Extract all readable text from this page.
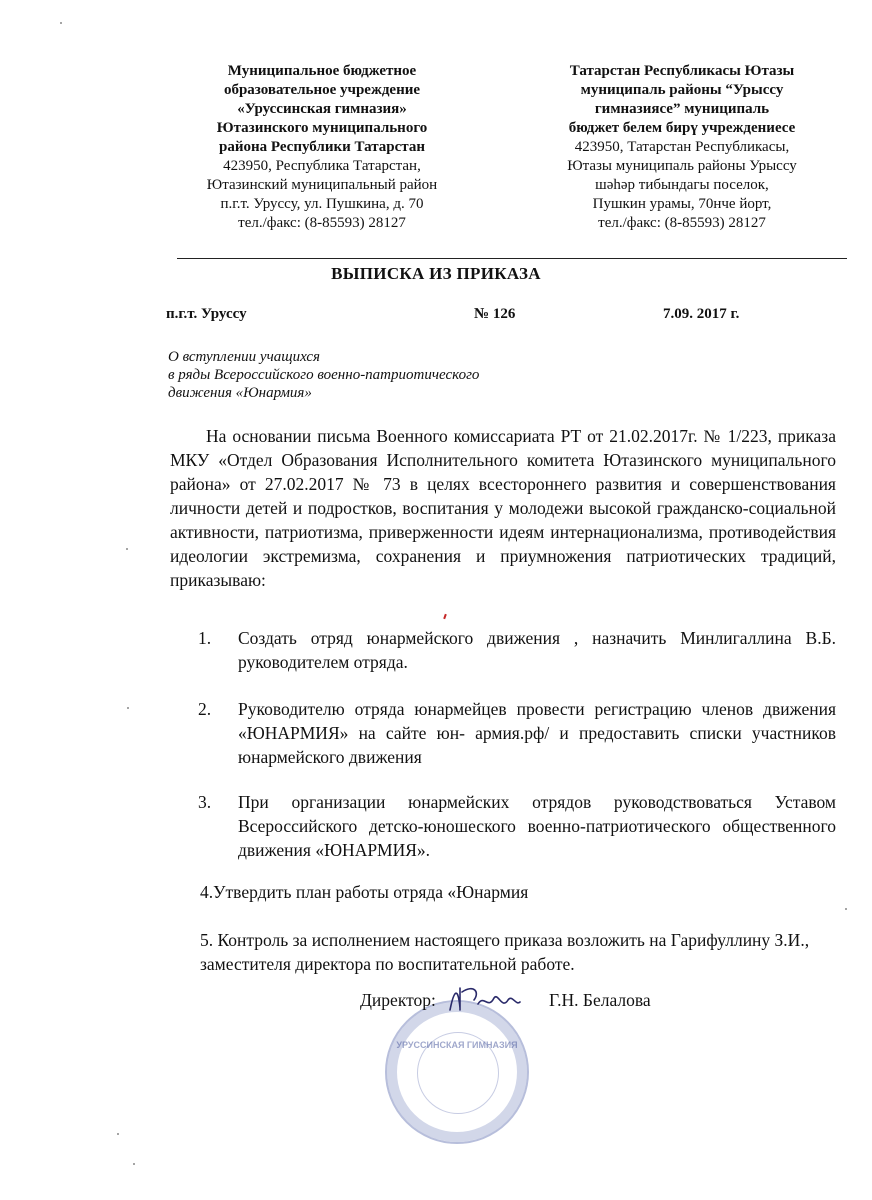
Муниципальное бюджетное
образовательное учреждение
«Уруссинская гимназия»
Ютазинского муниципального
района Республики Татарстан
423950, Республика Татарстан,
Ютазинский муниципальный район
п.г.т. Уруссу, ул. Пушкина, д. 70
тел./факс: (8-85593) 28127
Татарстан Республикасы Ютазы
муниципаль районы “Урыссу
гимназиясе” муниципаль
бюджет белем бирү учреждениесе
423950, Татарстан Республикасы,
Ютазы муниципаль районы Урыссу
шәһәр тибындагы поселок,
Пушкин урамы, 70нче йорт,
тел./факс: (8-85593) 28127
ВЫПИСКА ИЗ ПРИКАЗА
п.г.т. Уруссу	№ 126	7.09. 2017 г.
О вступлении учащихся
в ряды Всероссийского военно-патриотического
движения «Юнармия»
На основании письма Военного комиссариата РТ от 21.02.2017г. № 1/223, приказа МКУ «Отдел Образования Исполнительного комитета Ютазинского муниципального района» от 27.02.2017 № 73 в целях всестороннего развития и совершенствования личности детей и подростков, воспитания у молодежи высокой гражданско-социальной активности, патриотизма, приверженности идеям интернационализма, противодействия идеологии экстремизма, сохранения и приумножения патриотических традиций, приказываю:
1. Создать отряд юнармейского движения , назначить Минлигаллина В.Б. руководителем отряда.
2. Руководителю отряда юнармейцев провести регистрацию членов движения «ЮНАРМИЯ» на сайте юн- армия.рф/ и предоставить списки участников юнармейского движения
3. При организации юнармейских отрядов руководствоваться Уставом Всероссийского детско-юношеского военно-патриотического общественного движения «ЮНАРМИЯ».
4.Утвердить план работы отряда «Юнармия
5. Контроль за исполнением настоящего приказа возложить на Гарифуллину З.И., заместителя директора по воспитательной работе.
УРУССИНСКАЯ ГИМНАЗИЯ
Директор:	Г.Н. Белалова
